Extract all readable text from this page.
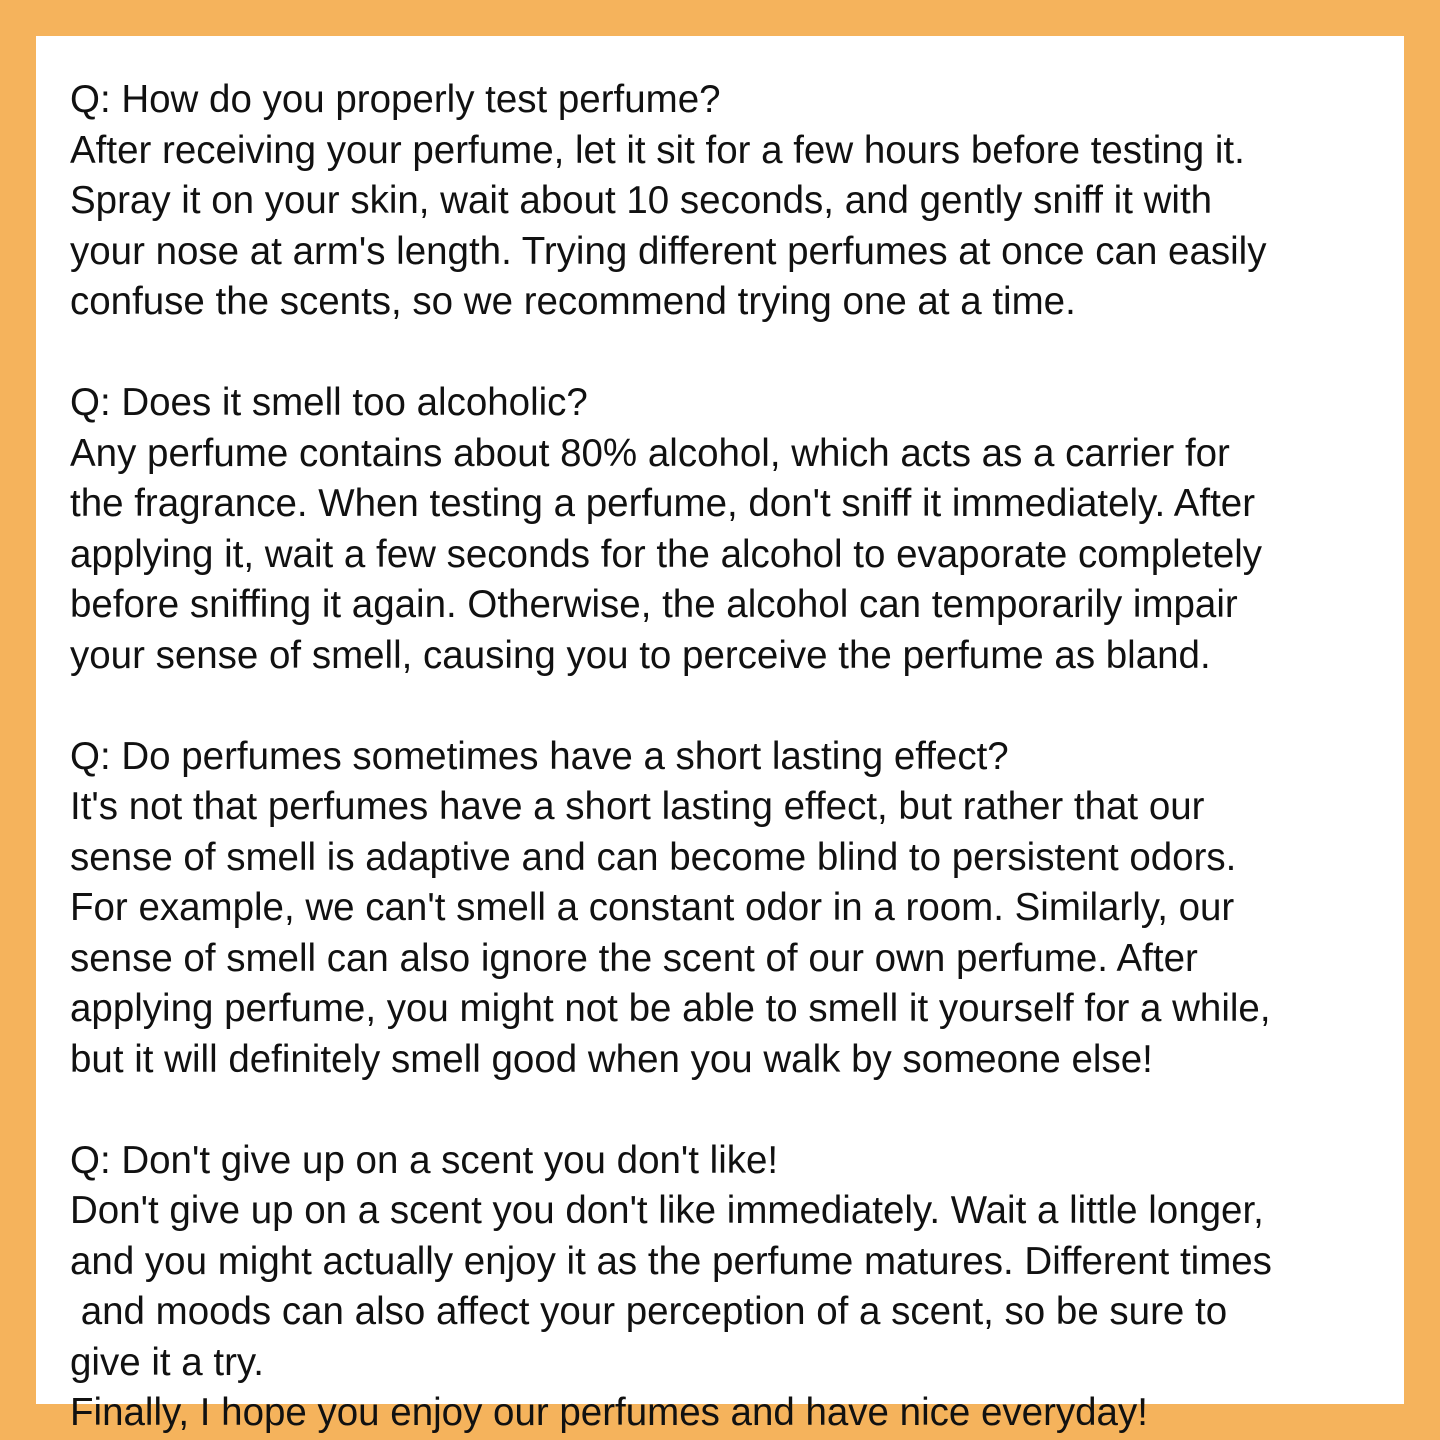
Q: How do you properly test perfume?
After receiving your perfume, let it sit for a few hours before testing it.
Spray it on your skin, wait about 10 seconds, and gently sniff it with
your nose at arm's length. Trying different perfumes at once can easily
confuse the scents, so we recommend trying one at a time.
Q: Does it smell too alcoholic?
Any perfume contains about 80% alcohol, which acts as a carrier for
the fragrance. When testing a perfume, don't sniff it immediately. After
applying it, wait a few seconds for the alcohol to evaporate completely
before sniffing it again. Otherwise, the alcohol can temporarily impair
your sense of smell, causing you to perceive the perfume as bland.
Q: Do perfumes sometimes have a short lasting effect?
It's not that perfumes have a short lasting effect, but rather that our
sense of smell is adaptive and can become blind to persistent odors.
For example, we can't smell a constant odor in a room. Similarly, our
sense of smell can also ignore the scent of our own perfume. After
applying perfume, you might not be able to smell it yourself for a while,
but it will definitely smell good when you walk by someone else!
Q: Don't give up on a scent you don't like!
Don't give up on a scent you don't like immediately. Wait a little longer,
and you might actually enjoy it as the perfume matures. Different times
and moods can also affect your perception of a scent, so be sure to
give it a try.
Finally, I hope you enjoy our perfumes and have nice everyday!
